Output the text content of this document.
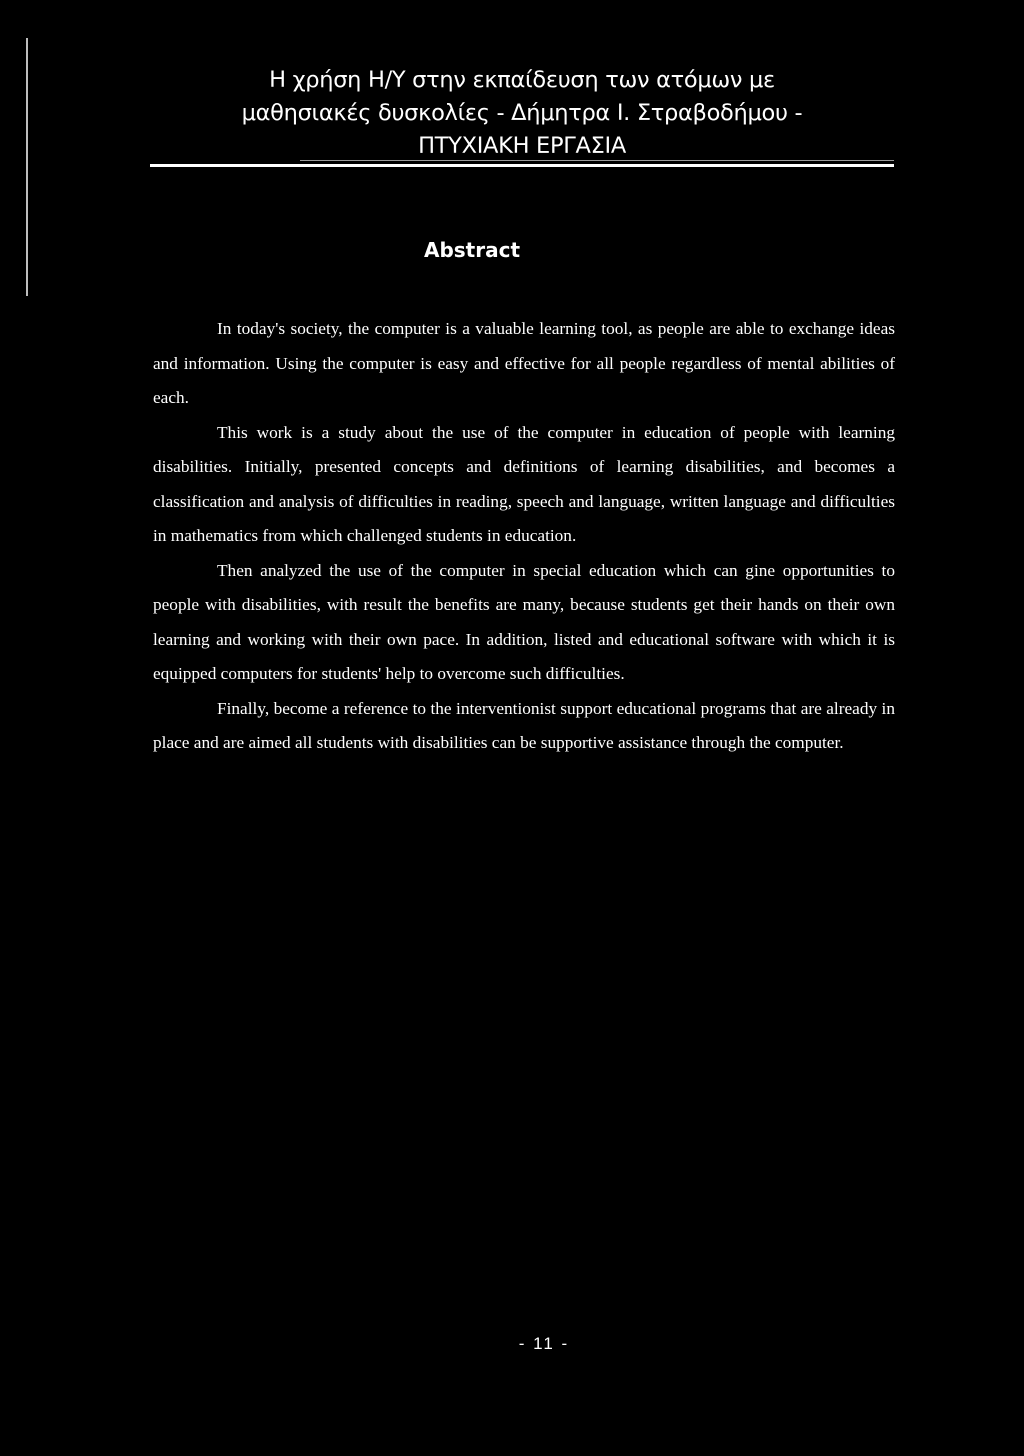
Η χρήση Η/Υ στην εκπαίδευση των ατόμων με
μαθησιακές δυσκολίες - Δήμητρα Ι. Στραβοδήμου -
ΠΤΥΧΙΑΚΗ ΕΡΓΑΣΙΑ
Abstract

In today's society, the computer is a valuable learning tool, as people are able to exchange ideas and information. Using the computer is easy and effective for all people regardless of mental abilities of each.

This work is a study about the use of the computer in education of people with learning disabilities. Initially, presented concepts and definitions of learning disabilities, and becomes a classification and analysis of difficulties in reading, speech and language, written language and difficulties in mathematics from which challenged students in education.

Then analyzed the use of the computer in special education which can gine opportunities to people with disabilities, with result the benefits are many, because students get their hands on their own learning and working with their own pace. In addition, listed and educational software with which it is equipped computers for students' help to overcome such difficulties.

Finally, become a reference to the interventionist support educational programs that are already in place and are aimed all students with disabilities can be supportive assistance through the computer.

- 11 -
